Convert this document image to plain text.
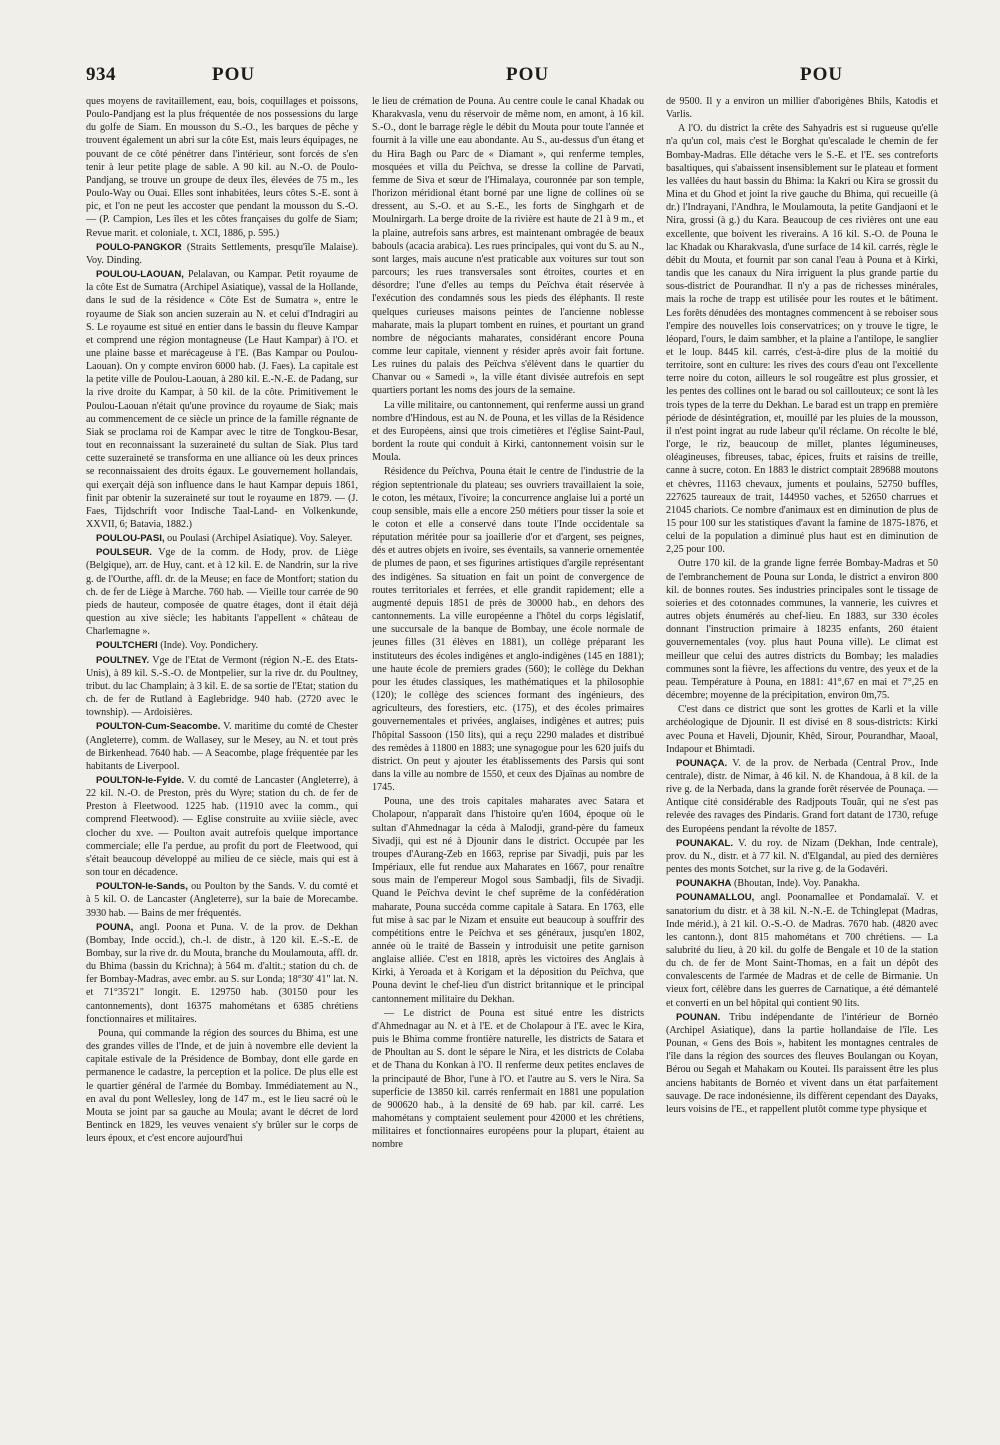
934	POU	POU	POU

ques moyens de ravitaillement, eau, bois, coquillages et poissons, Poulo-Pandjang est la plus fréquentée de nos possessions du large du golfe de Siam. En mousson du S.-O., les barques de pêche y trouvent également un abri sur la côte Est, mais leurs équipages, ne pouvant de ce côté pénétrer dans l'intérieur, sont forcés de s'en tenir à leur petite plage de sable. A 90 kil. au N.-O. de Poulo-Pandjang, se trouve un groupe de deux îles, élevées de 75 m., les Poulo-Way ou Ouai. Elles sont inhabitées, leurs côtes S.-E. sont à pic, et l'on ne peut les accoster que pendant la mousson du S.-O. — (P. Campion, Les îles et les côtes françaises du golfe de Siam; Revue marit. et coloniale, t. XCI, 1886, p. 595.)

POULO-PANGKOR (Straits Settlements, presqu'île Malaise). Voy. Dinding.

POULOU-LAOUAN, Pelalavan, ou Kampar. Petit royaume de la côte Est de Sumatra (Archipel Asiatique), vassal de la Hollande, dans le sud de la résidence « Côte Est de Sumatra », entre le royaume de Siak son ancien suzerain au N. et celui d'Indragiri au S. Le royaume est situé en entier dans le bassin du fleuve Kampar et comprend une région montagneuse (Le Haut Kampar) à l'O. et une plaine basse et marécageuse à l'E. (Bas Kampar ou Poulou-Laouan). On y compte environ 6000 hab. (J. Faes). La capitale est la petite ville de Poulou-Laouan, à 280 kil. E.-N.-E. de Padang, sur la rive droite du Kampar, à 50 kil. de la côte. Primitivement le Poulou-Laouan n'était qu'une province du royaume de Siak; mais au commencement de ce siècle un prince de la famille régnante de Siak se proclama roi de Kampar avec le titre de Tongkou-Besar, tout en reconnaissant la suzeraineté du sultan de Siak. Plus tard cette suzeraineté se transforma en une alliance où les deux princes se reconnaissaient des droits égaux. Le gouvernement hollandais, qui exerçait déjà son influence dans le haut Kampar depuis 1861, finit par obtenir la suzeraineté sur tout le royaume en 1879. — (J. Faes, Tijdschrift voor Indische Taal-Land- en Volkenkunde, XXVII, 6; Batavia, 1882.)

POULOU-PASI, ou Poulasi (Archipel Asiatique). Voy. Saleyer.

POULSEUR. Vge de la comm. de Hody, prov. de Liège (Belgique), arr. de Huy, cant. et à 12 kil. E. de Nandrin, sur la rive g. de l'Ourthe, affl. dr. de la Meuse; en face de Montfort; station du ch. de fer de Liège à Marche. 760 hab. — Vieille tour carrée de 90 pieds de hauteur, composée de quatre étages, dont il était déjà question au xive siècle; les habitants l'appellent « château de Charlemagne ».

POULTCHERI (Inde). Voy. Pondichery.

POULTNEY. Vge de l'Etat de Vermont (région N.-E. des Etats-Unis), à 89 kil. S.-S.-O. de Montpelier, sur la rive dr. du Poultney, tribut. du lac Champlain; à 3 kil. E. de sa sortie de l'Etat; station du ch. de fer de Rutland à Eaglebridge. 940 hab. (2720 avec le township). — Ardoisières.

POULTON-Cum-Seacombe. V. maritime du comté de Chester (Angleterre), comm. de Wallasey, sur le Mesey, au N. et tout près de Birkenhead. 7640 hab. — A Seacombe, plage fréquentée par les habitants de Liverpool.

POULTON-le-Fylde. V. du comté de Lancaster (Angleterre), à 22 kil. N.-O. de Preston, près du Wyre; station du ch. de fer de Preston à Fleetwood. 1225 hab. (11910 avec la comm., qui comprend Fleetwood). — Eglise construite au xviiie siècle, avec clocher du xve. — Poulton avait autrefois quelque importance commerciale; elle l'a perdue, au profit du port de Fleetwood, qui s'était beaucoup développé au milieu de ce siècle, mais qui est à son tour en décadence.

POULTON-le-Sands, ou Poulton by the Sands. V. du comté et à 5 kil. O. de Lancaster (Angleterre), sur la baie de Morecambe. 3930 hab. — Bains de mer fréquentés.

POUNA, angl. Poona et Puna. V. de la prov. de Dekhan (Bombay, Inde occid.), ch.-l. de distr., à 120 kil. E.-S.-E. de Bombay, sur la rive dr. du Mouta, branche du Moulamouta, affl. dr. du Bhima (bassin du Krichna); à 564 m. d'altit.; station du ch. de fer Bombay-Madras, avec embr. au S. sur Londa; 18°30' 41" lat. N. et 71°35'21" longit. E. 129750 hab. (30150 pour les cantonnements), dont 16375 mahométans et 6385 chrétiens fonctionnaires et militaires.

Pouna, qui commande la région des sources du Bhima, est une des grandes villes de l'Inde, et de juin à novembre elle devient la capitale estivale de la Présidence de Bombay, dont elle garde en permanence le cadastre, la perception et la police. De plus elle est le quartier général de l'armée du Bombay. Immédiatement au N., en aval du pont Wellesley, long de 147 m., est le lieu sacré où le Mouta se joint par sa gauche au Moula; avant le décret de lord Bentinck en 1829, les veuves venaient s'y brûler sur le corps de leurs époux, et c'est encore aujourd'hui

le lieu de crémation de Pouna. Au centre coule le canal Khadak ou Kharakvasla, venu du réservoir de même nom, en amont, à 16 kil. S.-O., dont le barrage règle le débit du Mouta pour toute l'année et fournit à la ville une eau abondante. Au S., au-dessus d'un étang et du Hira Bagh ou Parc de « Diamant », qui renferme temples, mosquées et villa du Peïchva, se dresse la colline de Parvati, femme de Siva et sœur de l'Himalaya, couronnée par son temple, l'horizon méridional étant borné par une ligne de collines où se dressent, au S.-O. et au S.-E., les forts de Singhgarh et de Moulnirgarh. La berge droite de la rivière est haute de 21 à 9 m., et la plaine, autrefois sans arbres, est maintenant ombragée de beaux babouls (acacia arabica). Les rues principales, qui vont du S. au N., sont larges, mais aucune n'est praticable aux voitures sur tout son parcours; les rues transversales sont étroites, courtes et en désordre; l'une d'elles au temps du Peïchva était réservée à l'exécution des condamnés sous les pieds des éléphants. Il reste quelques curieuses maisons peintes de l'ancienne noblesse maharate, mais la plupart tombent en ruines, et pourtant un grand nombre de négociants maharates, considérant encore Pouna comme leur capitale, viennent y résider après avoir fait fortune. Les ruines du palais des Peïchva s'élèvent dans le quartier du Chanvar ou « Samedi », la ville étant divisée autrefois en sept quartiers portant les noms des jours de la semaine.

La ville militaire, ou cantonnement, qui renferme aussi un grand nombre d'Hindous, est au N. de Pouna, et les villas de la Résidence et des Européens, ainsi que trois cimetières et l'église Saint-Paul, bordent la route qui conduit à Kirki, cantonnement voisin sur le Moula.

Résidence du Peïchva, Pouna était le centre de l'industrie de la région septentrionale du plateau; ses ouvriers travaillaient la soie, le coton, les métaux, l'ivoire; la concurrence anglaise lui a porté un coup sensible, mais elle a encore 250 métiers pour tisser la soie et le coton et elle a conservé dans toute l'Inde occidentale sa réputation méritée pour sa joaillerie d'or et d'argent, ses peignes, dés et autres objets en ivoire, ses éventails, sa vannerie ornementée de plumes de paon, et ses figurines artistiques d'argile représentant des indigènes. Sa situation en fait un point de convergence de routes territoriales et ferrées, et elle grandit rapidement; elle a augmenté depuis 1851 de près de 30000 hab., en dehors des cantonnements. La ville européenne a l'hôtel du corps législatif, une succursale de la banque de Bombay, une école normale de jeunes filles (31 élèves en 1881), un collège préparant les instituteurs des écoles indigènes et anglo-indigènes (145 en 1881); une haute école de premiers grades (560); le collège du Dekhan pour les études classiques, les mathématiques et la philosophie (120); le collège des sciences formant des ingénieurs, des agriculteurs, des forestiers, etc. (175), et des écoles primaires gouvernementales et privées, anglaises, indigènes et autres; puis l'hôpital Sassoon (150 lits), qui a reçu 2290 malades et distribué des remèdes à 11800 en 1883; une synagogue pour les 620 juifs du district. On peut y ajouter les établissements des Parsis qui sont dans la ville au nombre de 1550, et ceux des Djaïnas au nombre de 1745.

Pouna, une des trois capitales maharates avec Satara et Cholapour, n'apparaît dans l'histoire qu'en 1604, époque où le sultan d'Ahmednagar la céda à Malodji, grand-père du fameux Sivadji, qui est né à Djounir dans le district. Occupée par les troupes d'Aurang-Zeb en 1663, reprise par Sivadji, puis par les Impériaux, elle fut rendue aux Maharates en 1667, pour renaître sous main de l'empereur Mogol sous Sambadji, fils de Sivadji. Quand le Peïchva devint le chef suprême de la confédération maharate, Pouna succéda comme capitale à Satara. En 1763, elle fut mise à sac par le Nizam et ensuite eut beaucoup à souffrir des compétitions entre le Peïchva et ses généraux, jusqu'en 1802, année où le traité de Bassein y introduisit une petite garnison anglaise alliée. C'est en 1818, après les victoires des Anglais à Kirki, à Yeroada et à Korigam et la déposition du Peïchva, que Pouna devint le chef-lieu d'un district britannique et le principal cantonnement militaire du Dekhan.

— Le district de Pouna est situé entre les districts d'Ahmednagar au N. et à l'E. et de Cholapour à l'E. avec le Kira, puis le Bhima comme frontière naturelle, les districts de Satara et de Phoultan au S. dont le sépare le Nira, et les districts de Colaba et de Thana du Konkan à l'O. Il renferme deux petites enclaves de la principauté de Bhor, l'une à l'O. et l'autre au S. vers le Nira. Sa superficie de 13850 kil. carrés renfermait en 1881 une population de 900620 hab., à la densité de 69 hab. par kil. carré. Les mahométans y comptaient seulement pour 42000 et les chrétiens, militaires et fonctionnaires européens pour la plupart, étaient au nombre

de 9500. Il y a environ un millier d'aborigènes Bhils, Katodis et Varlis.

A l'O. du district la crête des Sahyadris est si rugueuse qu'elle n'a qu'un col, mais c'est le Borghat qu'escalade le chemin de fer Bombay-Madras. Elle détache vers le S.-E. et l'E. ses contreforts basaltiques, qui s'abaissent insensiblement sur le plateau et forment les vallées du haut bassin du Bhima: la Kakri ou Kira se grossit du Mina et du Ghod et joint la rive gauche du Bhima, qui recueille (à dr.) l'Indrayani, l'Andhra, le Moulamouta, la petite Gandjaoni et le Nira, grossi (à g.) du Kara. Beaucoup de ces rivières ont une eau excellente, que boivent les riverains. A 16 kil. S.-O. de Pouna le lac Khadak ou Kharakvasla, d'une surface de 14 kil. carrés, règle le débit du Mouta, et fournit par son canal l'eau à Pouna et à Kirki, tandis que les canaux du Nira irriguent la plus grande partie du sous-district de Pourandhar. Il n'y a pas de richesses minérales, mais la roche de trapp est utilisée pour les routes et le bâtiment. Les forêts dénudées des montagnes commencent à se reboiser sous l'empire des nouvelles lois conservatrices; on y trouve le tigre, le léopard, l'ours, le daim sambher, et la plaine a l'antilope, le sanglier et le loup. 8445 kil. carrés, c'est-à-dire plus de la moitié du territoire, sont en culture: les rives des cours d'eau ont l'excellente terre noire du coton, ailleurs le sol rougeâtre est plus grossier, et les pentes des collines ont le barad ou sol caillouteux; ce sont là les trois types de la terre du Dekhan. Le barad est un trapp en première période de désintégration, et, mouillé par les pluies de la mousson, il n'est point ingrat au rude labeur qu'il réclame. On récolte le blé, l'orge, le riz, beaucoup de millet, plantes légumineuses, oléagineuses, fibreuses, tabac, épices, fruits et raisins de treille, canne à sucre, coton. En 1883 le district comptait 289688 moutons et chèvres, 11163 chevaux, juments et poulains, 52750 buffles, 227625 taureaux de trait, 144950 vaches, et 52650 charrues et 21045 chariots. Ce nombre d'animaux est en diminution de plus de 15 pour 100 sur les statistiques d'avant la famine de 1875-1876, et celui de la population a diminué plus haut est en diminution de 2,25 pour 100.

Outre 170 kil. de la grande ligne ferrée Bombay-Madras et 50 de l'embranchement de Pouna sur Londa, le district a environ 800 kil. de bonnes routes. Ses industries principales sont le tissage de soieries et des cotonnades communes, la vannerie, les cuivres et autres objets énumérés au chef-lieu. En 1883, sur 330 écoles donnant l'instruction primaire à 18235 enfants, 260 étaient gouvernementales (voy. plus haut Pouna ville). Le climat est meilleur que celui des autres districts du Bombay; les maladies communes sont la fièvre, les affections du ventre, des yeux et de la peau. Température à Pouna, en 1881: 41°,67 en mai et 7°,25 en décembre; moyenne de la précipitation, environ 0m,75.

C'est dans ce district que sont les grottes de Karli et la ville archéologique de Djounir. Il est divisé en 8 sous-districts: Kirki avec Pouna et Haveli, Djounir, Khêd, Sirour, Pourandhar, Maoal, Indapour et Bhimtadi.

POUNAÇA. V. de la prov. de Nerbada (Central Prov., Inde centrale), distr. de Nimar, à 46 kil. N. de Khandoua, à 8 kil. de la rive g. de la Nerbada, dans la grande forêt réservée de Pounaça. — Antique cité considérable des Radjpouts Touâr, qui ne s'est pas relevée des ravages des Pindaris. Grand fort datant de 1730, refuge des Européens pendant la révolte de 1857.

POUNAKAL. V. du roy. de Nizam (Dekhan, Inde centrale), prov. du N., distr. et à 77 kil. N. d'Elgandal, au pied des dernières pentes des monts Sotchet, sur la rive g. de la Godavéri.

POUNAKHA (Bhoutan, Inde). Voy. Panakha.

POUNAMALLOU, angl. Poonamallee et Pondamalaï. V. et sanatorium du distr. et à 38 kil. N.-N.-E. de Tchinglepat (Madras, Inde mérid.), à 21 kil. O.-S.-O. de Madras. 7670 hab. (4820 avec les cantonn.), dont 815 mahométans et 700 chrétiens. — La salubrité du lieu, à 20 kil. du golfe de Bengale et 10 de la station du ch. de fer de Mont Saint-Thomas, en a fait un dépôt des convalescents de l'armée de Madras et de celle de Birmanie. Un vieux fort, célèbre dans les guerres de Carnatique, a été démantelé et converti en un bel hôpital qui contient 90 lits.

POUNAN. Tribu indépendante de l'intérieur de Bornéo (Archipel Asiatique), dans la partie hollandaise de l'île. Les Pounan, « Gens des Bois », habitent les montagnes centrales de l'île dans la région des sources des fleuves Boulangan ou Koyan, Bérou ou Segah et Mahakam ou Koutei. Ils paraissent être les plus anciens habitants de Bornéo et vivent dans un état parfaitement sauvage. De race indonésienne, ils diffèrent cependant des Dayaks, leurs voisins de l'E., et rappellent plutôt comme type physique et
